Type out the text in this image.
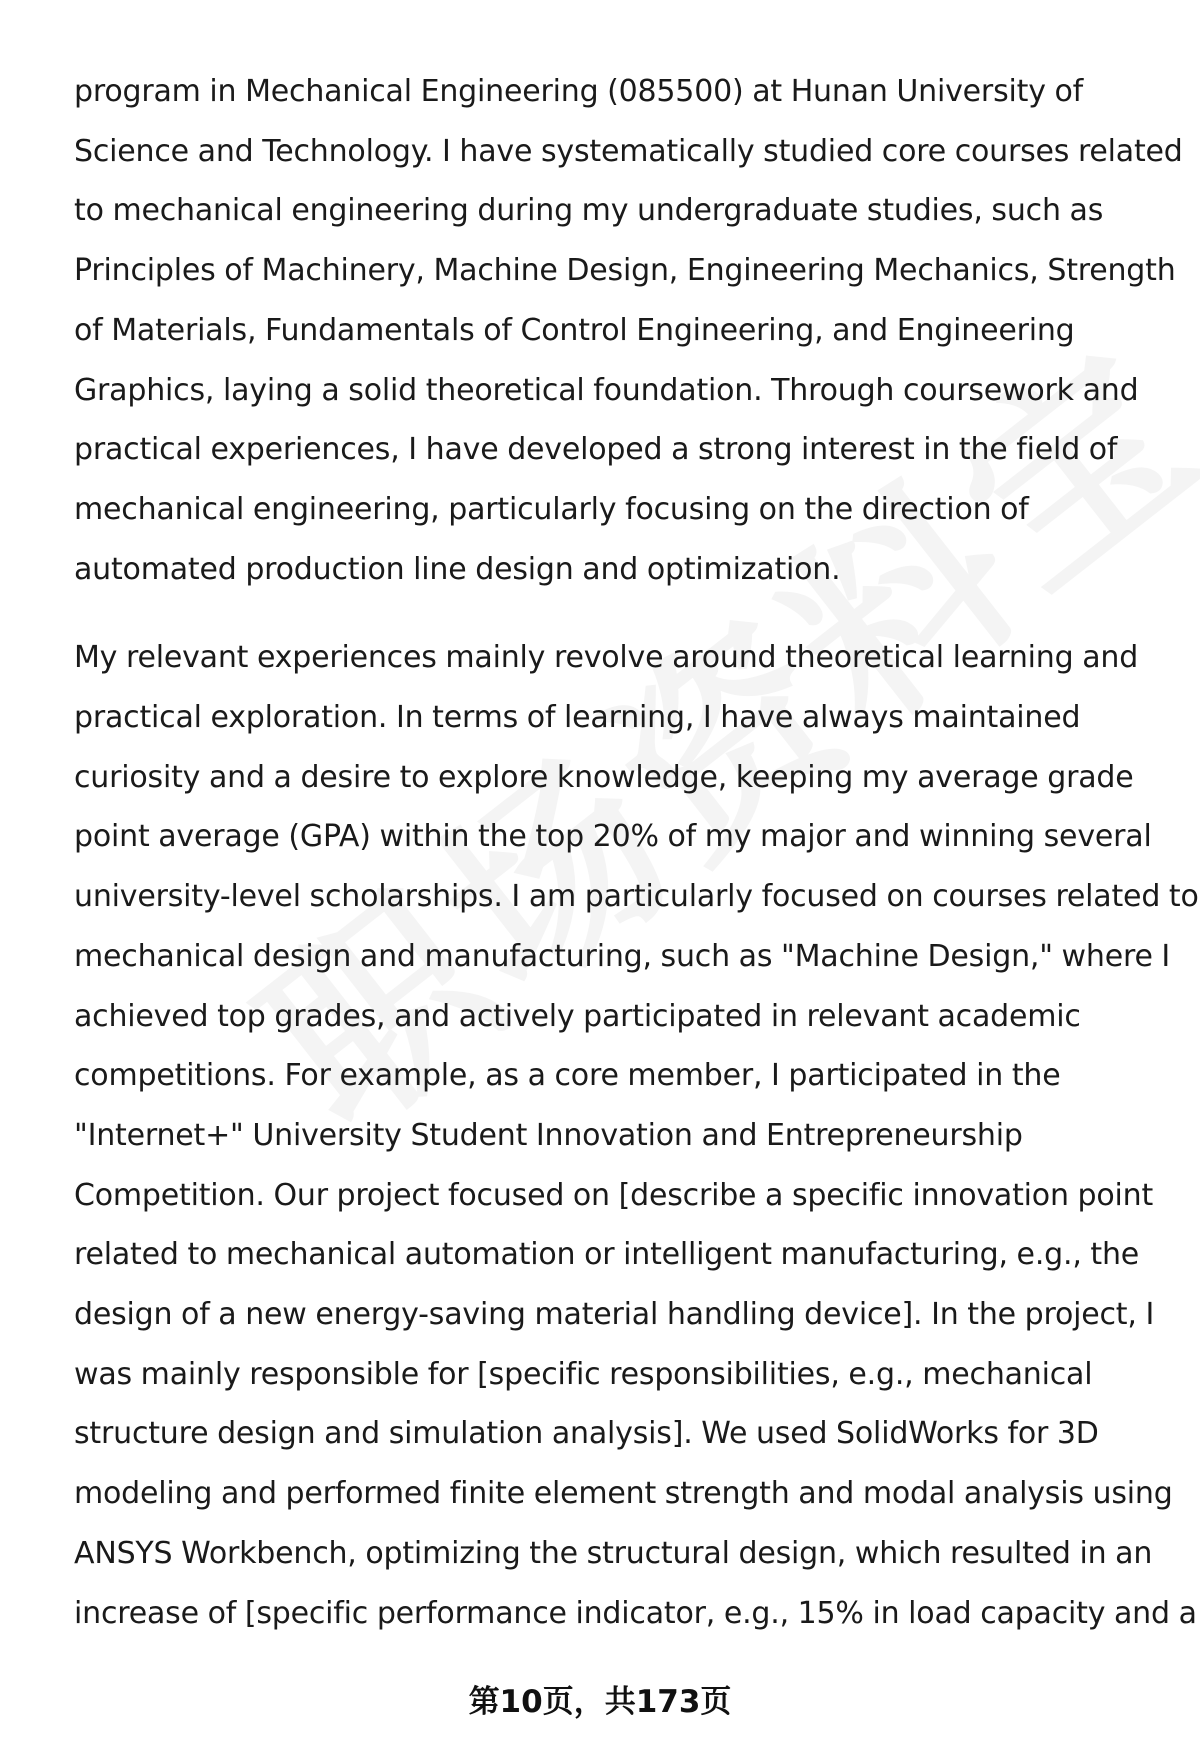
program in Mechanical Engineering (085500) at Hunan University of
Science and Technology. I have systematically studied core courses related
to mechanical engineering during my undergraduate studies, such as
Principles of Machinery, Machine Design, Engineering Mechanics, Strength
of Materials, Fundamentals of Control Engineering, and Engineering
Graphics, laying a solid theoretical foundation. Through coursework and
practical experiences, I have developed a strong interest in the field of
mechanical engineering, particularly focusing on the direction of
automated production line design and optimization.

My relevant experiences mainly revolve around theoretical learning and
practical exploration. In terms of learning, I have always maintained
curiosity and a desire to explore knowledge, keeping my average grade
point average (GPA) within the top 20% of my major and winning several
university-level scholarships. I am particularly focused on courses related to
mechanical design and manufacturing, such as "Machine Design," where I
achieved top grades, and actively participated in relevant academic
competitions. For example, as a core member, I participated in the
"Internet+" University Student Innovation and Entrepreneurship
Competition. Our project focused on [describe a specific innovation point
related to mechanical automation or intelligent manufacturing, e.g., the
design of a new energy-saving material handling device]. In the project, I
was mainly responsible for [specific responsibilities, e.g., mechanical
structure design and simulation analysis]. We used SolidWorks for 3D
modeling and performed finite element strength and modal analysis using
ANSYS Workbench, optimizing the structural design, which resulted in an
increase of [specific performance indicator, e.g., 15% in load capacity and a

第10页，共173页
